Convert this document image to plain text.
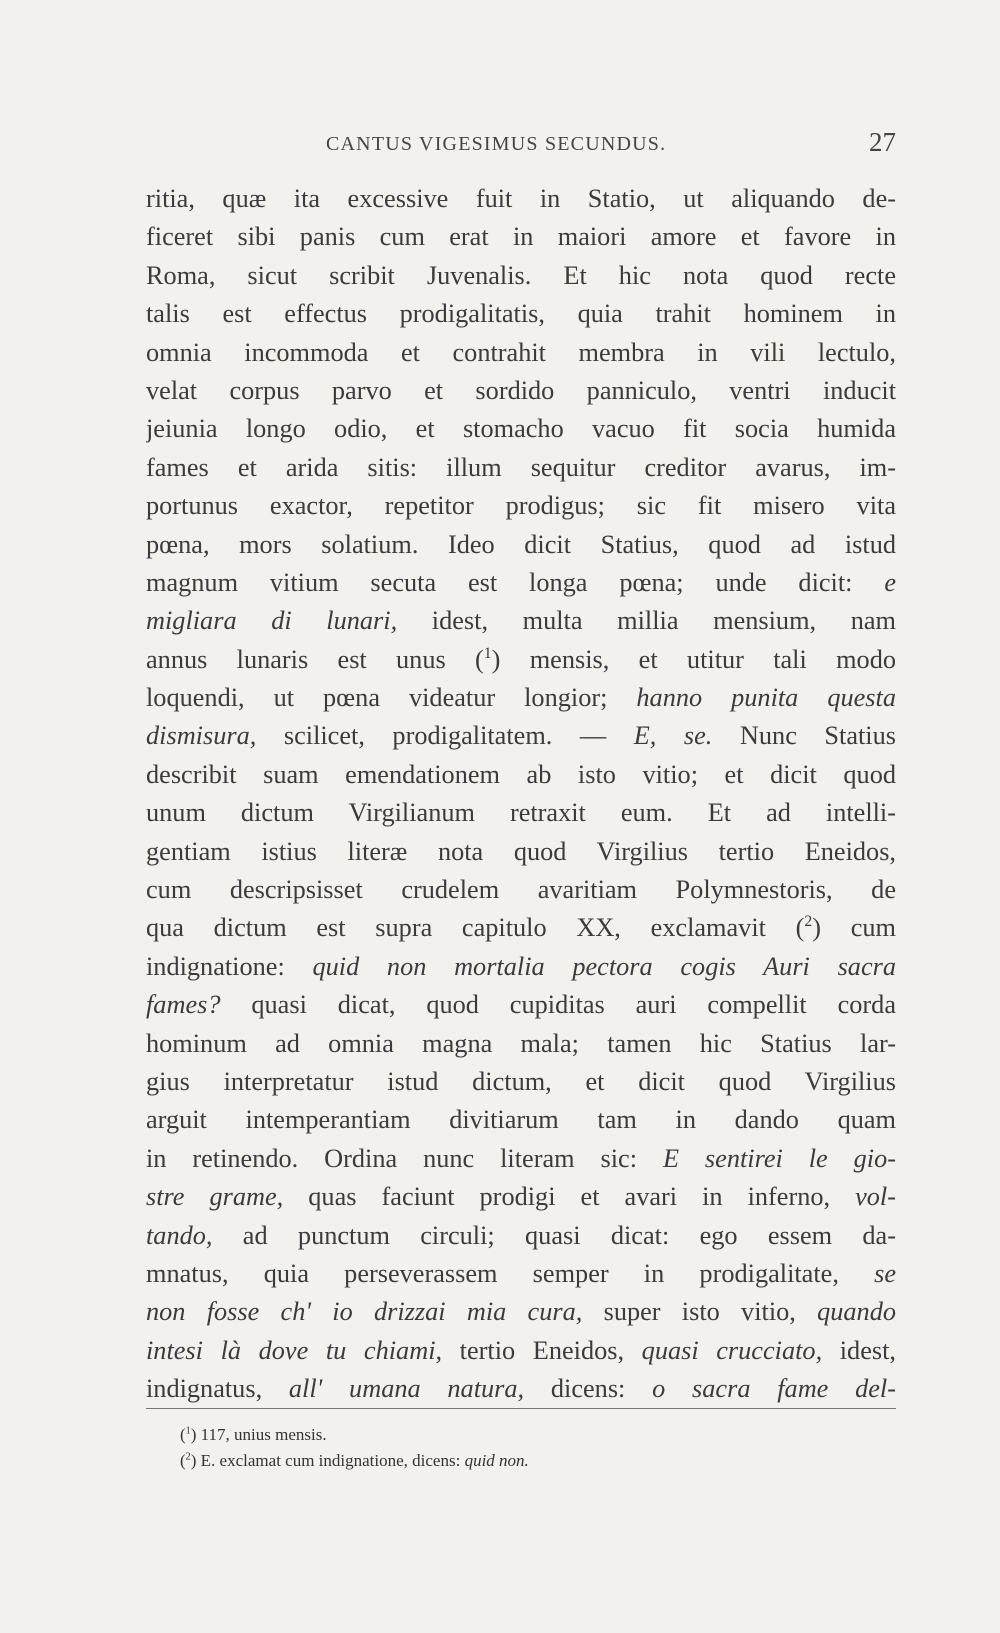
CANTUS VIGESIMUS SECUNDUS.	27
ritia, quæ ita excessive fuit in Statio, ut aliquando de-
ficeret sibi panis cum erat in maiori amore et favore in
Roma, sicut scribit Juvenalis. Et hic nota quod recte
talis est effectus prodigalitatis, quia trahit hominem in
omnia incommoda et contrahit membra in vili lectulo,
velat corpus parvo et sordido panniculo, ventri inducit
jeiunia longo odio, et stomacho vacuo fit socia humida
fames et arida sitis: illum sequitur creditor avarus, im-
portunus exactor, repetitor prodigus; sic fit misero vita
pœna, mors solatium. Ideo dicit Statius, quod ad istud
magnum vitium secuta est longa pœna; unde dicit: e
migliara di lunari, idest, multa millia mensium, nam
annus lunaris est unus ($^1$) mensis, et utitur tali modo
loquendi, ut pœna videatur longior; hanno punita questa
dismisura, scilicet, prodigalitatem. — E, se. Nunc Statius
describit suam emendationem ab isto vitio; et dicit quod
unum dictum Virgilianum retraxit eum. Et ad intelli-
gentiam istius literæ nota quod Virgilius tertio Eneidos,
cum descripsisset crudelem avaritiam Polymnestoris, de
qua dictum est supra capitulo XX, exclamavit ($^2$) cum
indignatione: quid non mortalia pectora cogis Auri sacra
fames? quasi dicat, quod cupiditas auri compellit corda
hominum ad omnia magna mala; tamen hic Statius lar-
gius interpretatur istud dictum, et dicit quod Virgilius
arguit intemperantiam divitiarum tam in dando quam
in retinendo. Ordina nunc literam sic: E sentirei le gio-
stre grame, quas faciunt prodigi et avari in inferno, vol-
tando, ad punctum circuli; quasi dicat: ego essem da-
mnatus, quia perseverassem semper in prodigalitate, se
non fosse ch' io drizzai mia cura, super isto vitio, quando
intesi là dove tu chiami, tertio Eneidos, quasi crucciato, idest,
indignatus, all' umana natura, dicens: o sacra fame del-
($^1$) 117, unius mensis.
($^2$) E. exclamat cum indignatione, dicens: quid non.
